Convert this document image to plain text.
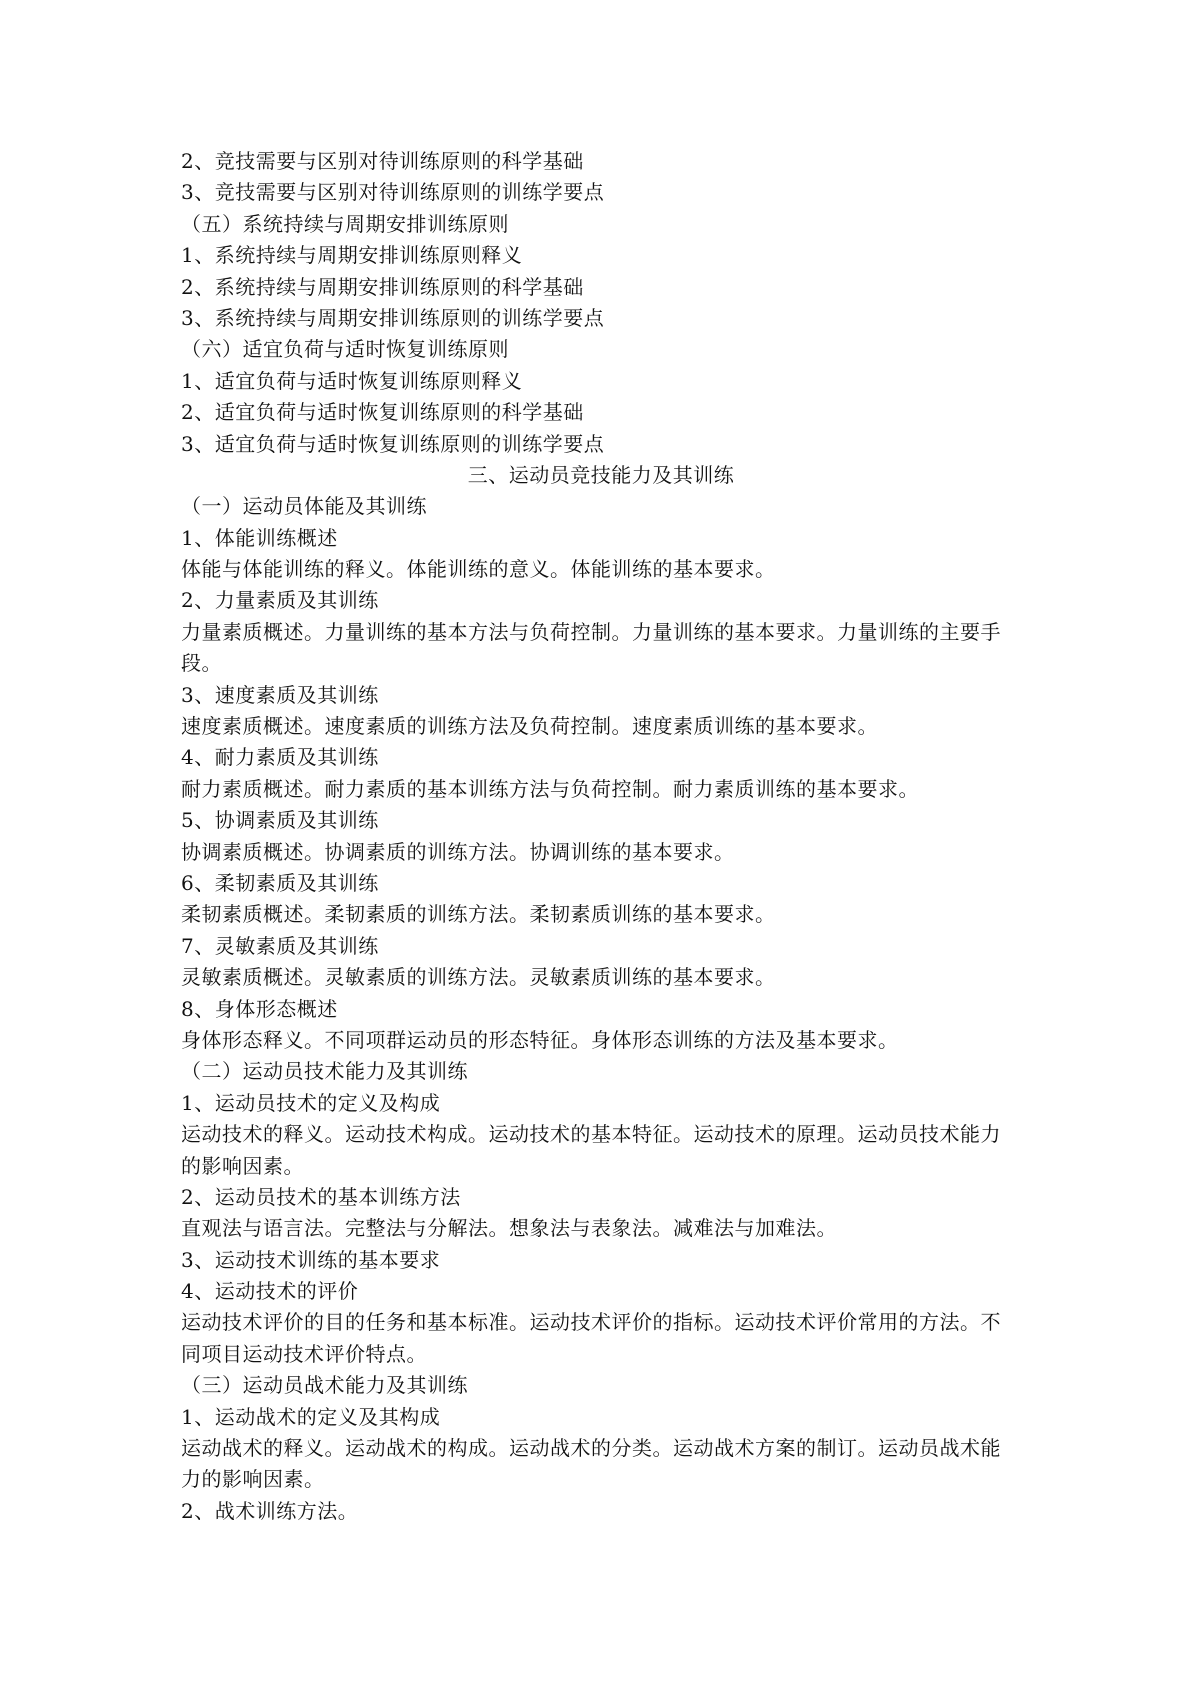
2、竞技需要与区别对待训练原则的科学基础
3、竞技需要与区别对待训练原则的训练学要点
（五）系统持续与周期安排训练原则
1、系统持续与周期安排训练原则释义
2、系统持续与周期安排训练原则的科学基础
3、系统持续与周期安排训练原则的训练学要点
（六）适宜负荷与适时恢复训练原则
1、适宜负荷与适时恢复训练原则释义
2、适宜负荷与适时恢复训练原则的科学基础
3、适宜负荷与适时恢复训练原则的训练学要点
三、运动员竞技能力及其训练
（一）运动员体能及其训练
1、体能训练概述
体能与体能训练的释义。体能训练的意义。体能训练的基本要求。
2、力量素质及其训练
力量素质概述。力量训练的基本方法与负荷控制。力量训练的基本要求。力量训练的主要手
段。
3、速度素质及其训练
速度素质概述。速度素质的训练方法及负荷控制。速度素质训练的基本要求。
4、耐力素质及其训练
耐力素质概述。耐力素质的基本训练方法与负荷控制。耐力素质训练的基本要求。
5、协调素质及其训练
协调素质概述。协调素质的训练方法。协调训练的基本要求。
6、柔韧素质及其训练
柔韧素质概述。柔韧素质的训练方法。柔韧素质训练的基本要求。
7、灵敏素质及其训练
灵敏素质概述。灵敏素质的训练方法。灵敏素质训练的基本要求。
8、身体形态概述
身体形态释义。不同项群运动员的形态特征。身体形态训练的方法及基本要求。
（二）运动员技术能力及其训练
1、运动员技术的定义及构成
运动技术的释义。运动技术构成。运动技术的基本特征。运动技术的原理。运动员技术能力
的影响因素。
2、运动员技术的基本训练方法
直观法与语言法。完整法与分解法。想象法与表象法。减难法与加难法。
3、运动技术训练的基本要求
4、运动技术的评价
运动技术评价的目的任务和基本标准。运动技术评价的指标。运动技术评价常用的方法。不
同项目运动技术评价特点。
（三）运动员战术能力及其训练
1、运动战术的定义及其构成
运动战术的释义。运动战术的构成。运动战术的分类。运动战术方案的制订。运动员战术能
力的影响因素。
2、战术训练方法。
